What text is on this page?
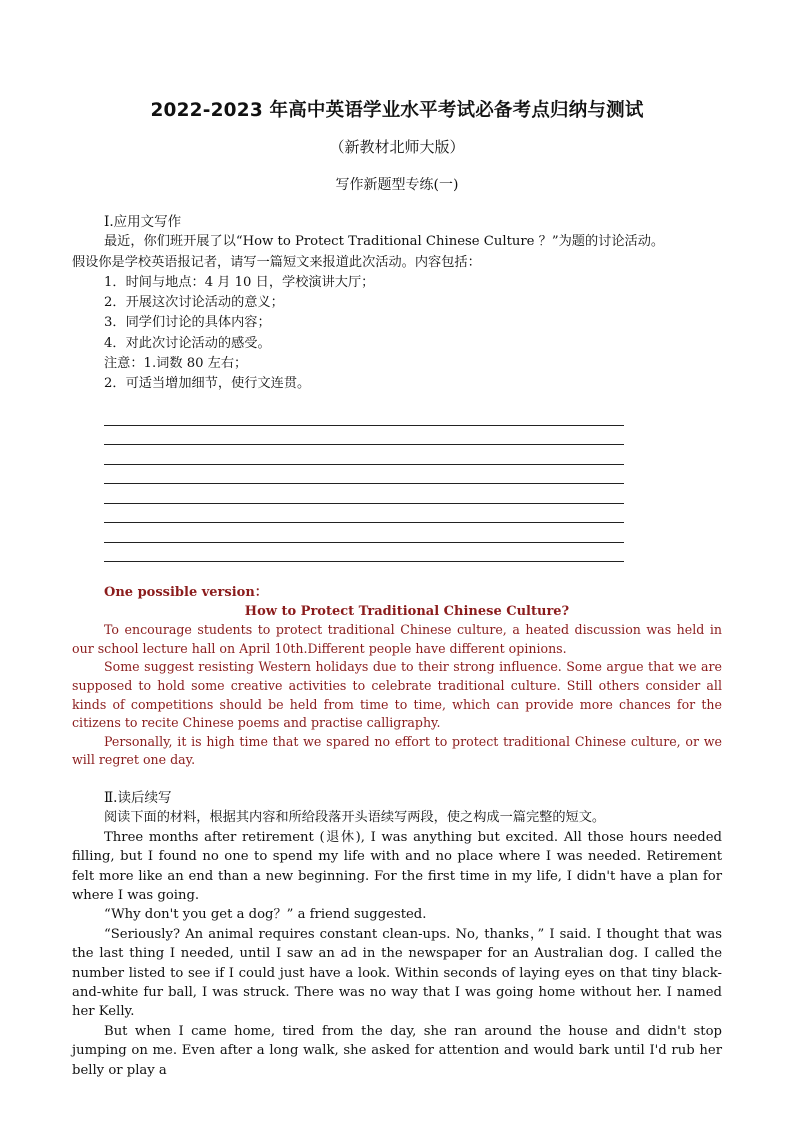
2022-2023 年高中英语学业水平考试必备考点归纳与测试
（新教材北师大版）
写作新题型专练(一)
Ⅰ.应用文写作
最近，你们班开展了以“How to Protect Traditional Chinese Culture ？”为题的讨论活动。
假设你是学校英语报记者，请写一篇短文来报道此次活动。内容包括：
1．时间与地点：4 月 10 日，学校演讲大厅；
2．开展这次讨论活动的意义；
3．同学们讨论的具体内容；
4．对此次讨论活动的感受。
注意：1.词数 80 左右；
2．可适当增加细节，使行文连贯。
One possible version：
How to Protect Traditional Chinese Culture?

To encourage students to protect traditional Chinese culture, a heated discussion was held in our school lecture hall on April 10th.Different people have different opinions.

Some suggest resisting Western holidays due to their strong influence. Some argue that we are supposed to hold some creative activities to celebrate traditional culture. Still others consider all kinds of competitions should be held from time to time, which can provide more chances for the citizens to recite Chinese poems and practise calligraphy.

Personally, it is high time that we spared no effort to protect traditional Chinese culture, or we will regret one day.

Ⅱ.读后续写

阅读下面的材料，根据其内容和所给段落开头语续写两段，使之构成一篇完整的短文。

Three months after retirement (退休), I was anything but excited. All those hours needed filling, but I found no one to spend my life with and no place where I was needed. Retirement felt more like an end than a new beginning. For the first time in my life, I didn't have a plan for where I was going.

“Why don't you get a dog？” a friend suggested.

“Seriously? An animal requires constant clean-ups. No, thanks，” I said. I thought that was the last thing I needed, until I saw an ad in the newspaper for an Australian dog. I called the number listed to see if I could just have a look. Within seconds of laying eyes on that tiny black-and-white fur ball, I was struck. There was no way that I was going home without her. I named her Kelly.

But when I came home, tired from the day, she ran around the house and didn't stop jumping on me. Even after a long walk, she asked for attention and would bark until I'd rub her belly or play a
